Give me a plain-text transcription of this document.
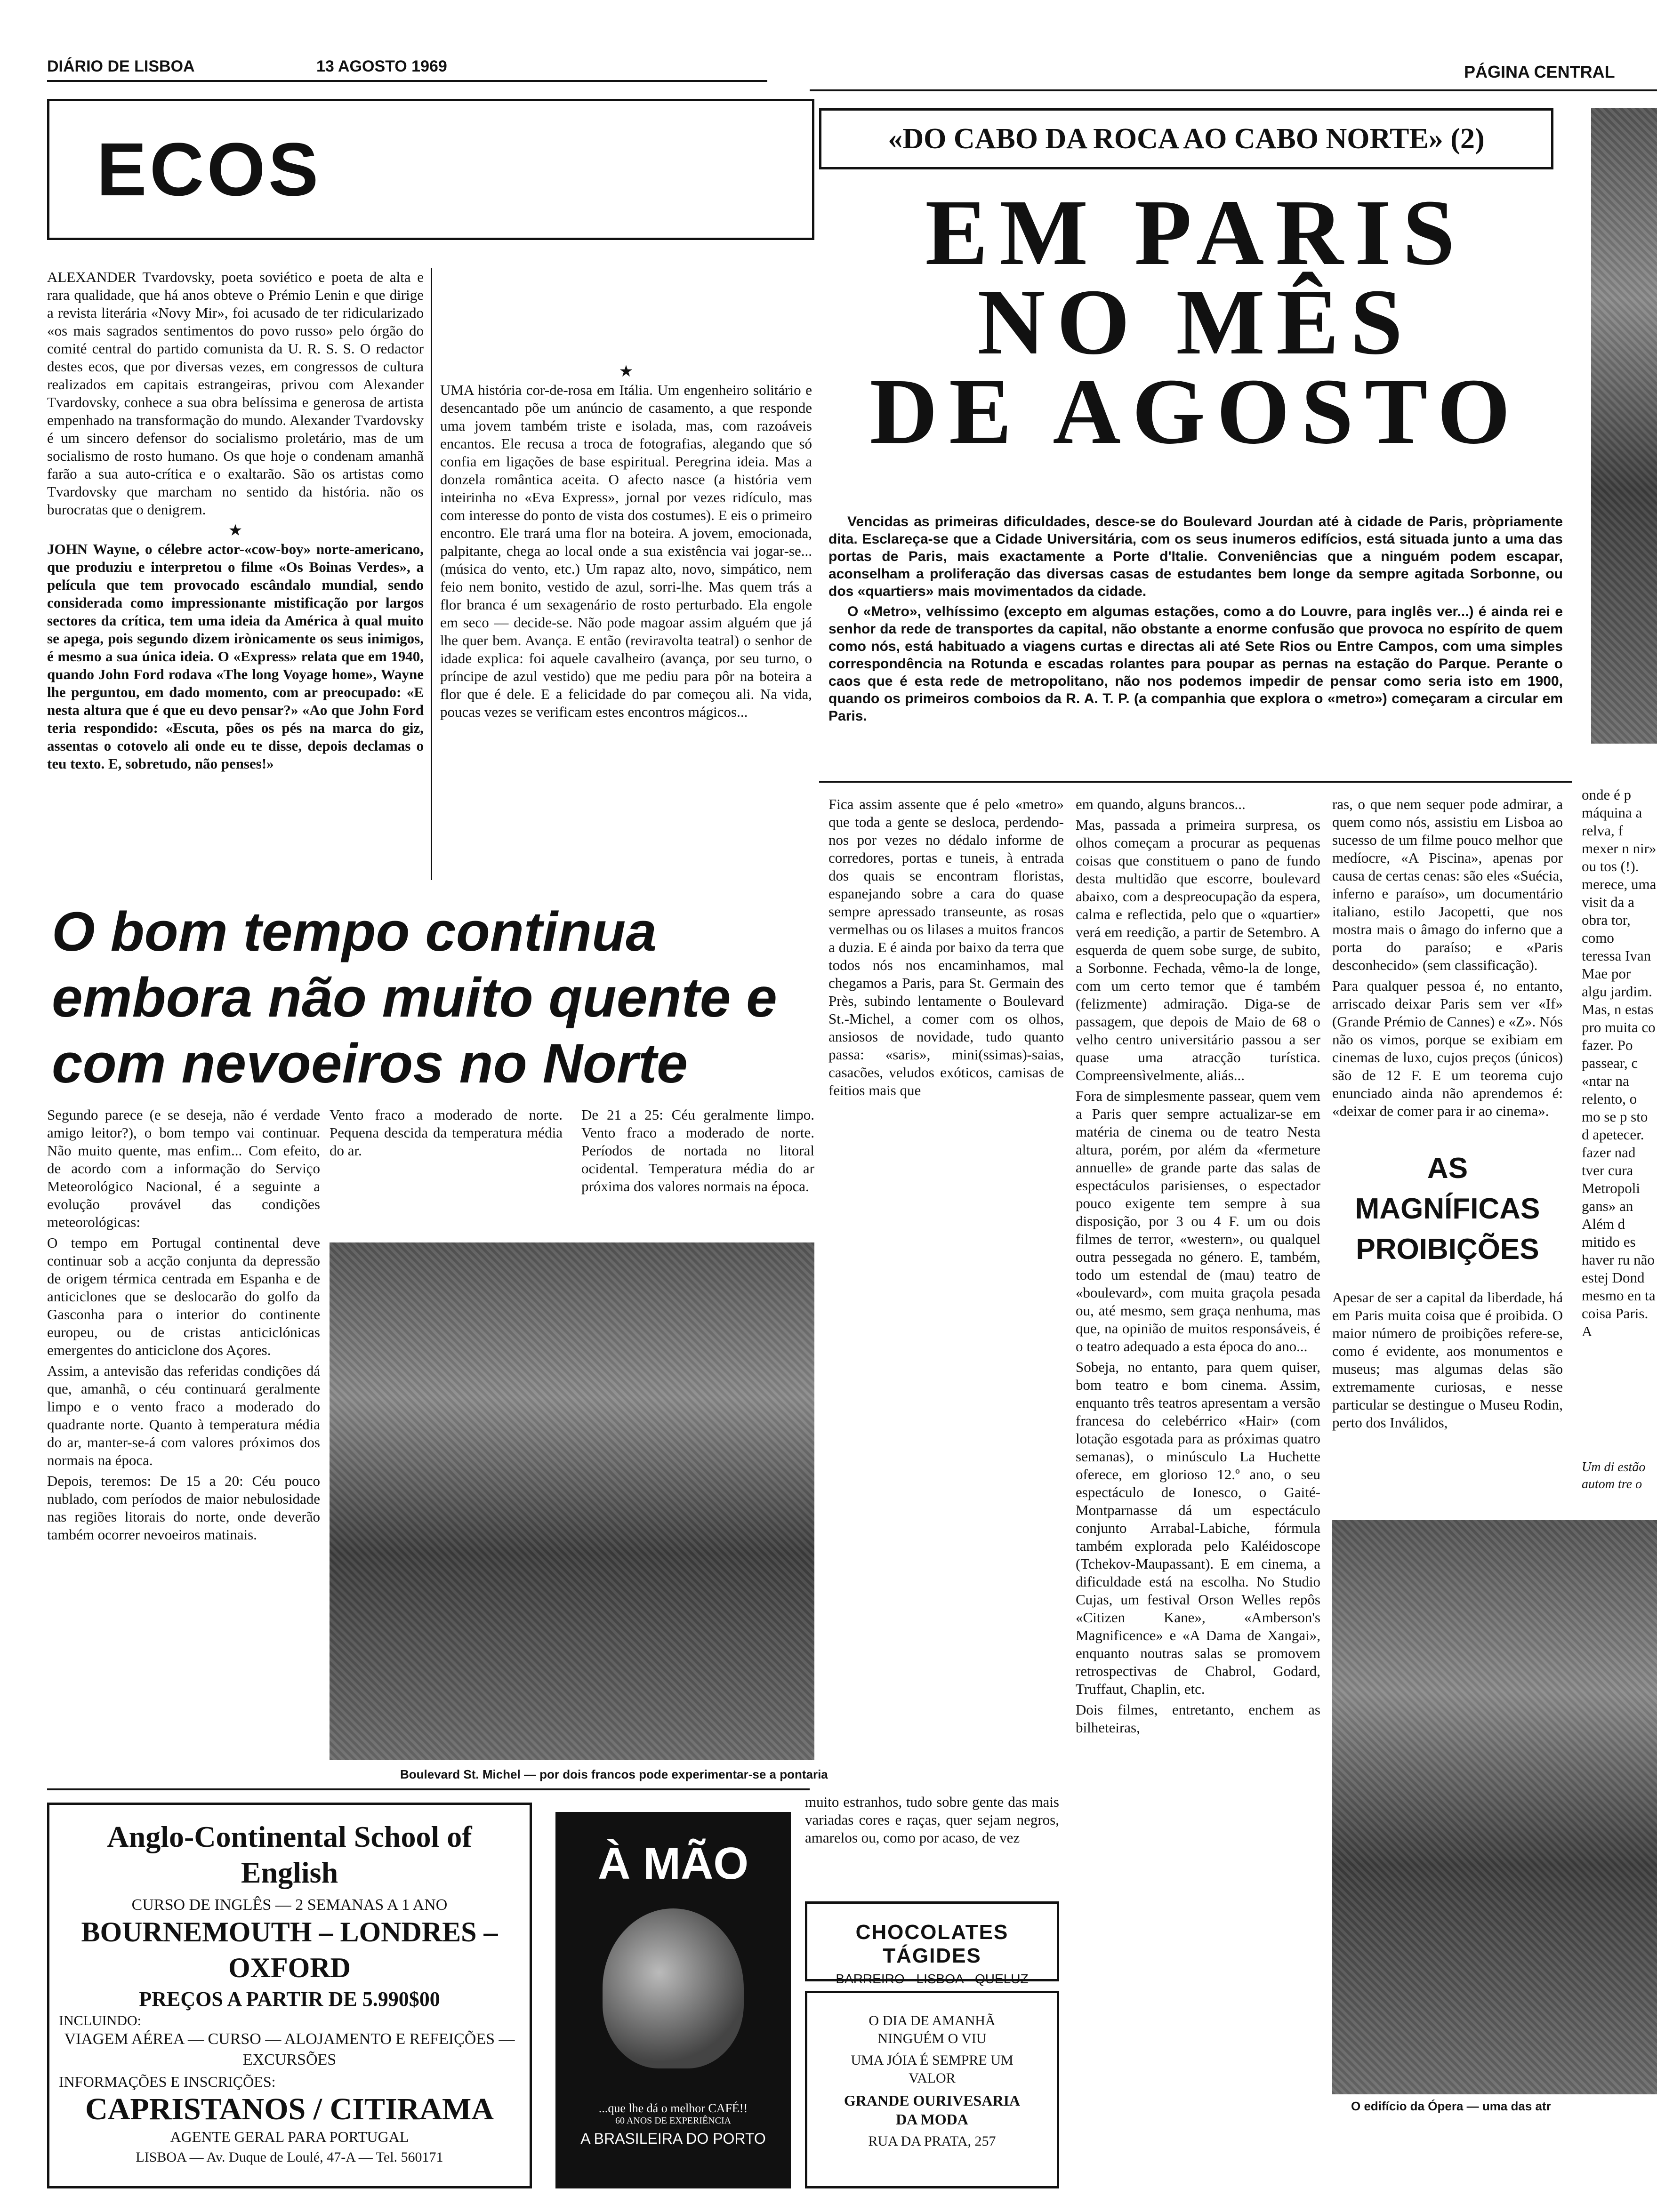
DIÁRIO DE LISBOA	13 AGOSTO 1969	PÁGINA CENTRAL
ECOS

ALEXANDER Tvardovsky, poeta soviético e poeta de alta e rara qualidade, que há anos obteve o Prémio Lenin e que dirige a revista literária «Novy Mir», foi acusado de ter ridicularizado «os mais sagrados sentimentos do povo russo» pelo órgão do comité central do partido comunista da U. R. S. S. O redactor destes ecos, que por diversas vezes, em congressos de cultura realizados em capitais estrangeiras, privou com Alexander Tvardovsky, conhece a sua obra belíssima e generosa de artista empenhado na transformação do mundo. Alexander Tvardovsky é um sincero defensor do socialismo proletário, mas de um socialismo de rosto humano. Os que hoje o condenam amanhã farão a sua auto-crítica e o exaltarão. São os artistas como Tvardovsky que marcham no sentido da história. não os burocratas que o denigrem.

★

JOHN Wayne, o célebre actor-«cow-boy» norte-americano, que produziu e interpretou o filme «Os Boinas Verdes», a película que tem provocado escândalo mundial, sendo considerada como impressionante mistificação por largos sectores da crítica, tem uma ideia da América à qual muito se apega, pois segundo dizem irònicamente os seus inimigos, é mesmo a sua única ideia. O «Express» relata que em 1940, quando John Ford rodava «The long Voyage home», Wayne lhe perguntou, em dado momento, com ar preocupado: «E nesta altura que é que eu devo pensar?» «Ao que John Ford teria respondido: «Escuta, pões os pés na marca do giz, assentas o cotovelo ali onde eu te disse, depois declamas o teu texto. E, sobretudo, não penses!»

★

UMA história cor-de-rosa em Itália. Um engenheiro solitário e desencantado põe um anúncio de casamento, a que responde uma jovem também triste e isolada, mas, com razoáveis encantos. Ele recusa a troca de fotografias, alegando que só confia em ligações de base espiritual. Peregrina ideia. Mas a donzela romântica aceita. O afecto nasce (a história vem inteirinha no «Eva Express», jornal por vezes ridículo, mas com interesse do ponto de vista dos costumes). E eis o primeiro encontro. Ele trará uma flor na boteira. A jovem, emocionada, palpitante, chega ao local onde a sua existência vai jogar-se... (música do vento, etc.) Um rapaz alto, novo, simpático, nem feio nem bonito, vestido de azul, sorri-lhe. Mas quem trás a flor branca é um sexagenário de rosto perturbado. Ela engole em seco — decide-se. Não pode magoar assim alguém que já lhe quer bem. Avança. E então (reviravolta teatral) o senhor de idade explica: foi aquele cavalheiro (avança, por seu turno, o príncipe de azul vestido) que me pediu para pôr na boteira a flor que é dele. E a felicidade do par começou ali. Na vida, poucas vezes se verificam estes encontros mágicos...

O bom tempo continua embora não muito quente e com nevoeiros no Norte

Segundo parece (e se deseja, não é verdade amigo leitor?), o bom tempo vai continuar. Não muito quente, mas enfim... Com efeito, de acordo com a informação do Serviço Meteorológico Nacional, é a seguinte a evolução provável das condições meteorológicas:

O tempo em Portugal continental deve continuar sob a acção conjunta da depressão de origem térmica centrada em Espanha e de anticiclones que se deslocarão do golfo da Gasconha para o interior do continente europeu, ou de cristas anticiclónicas emergentes do anticiclone dos Açores.

Assim, a antevisão das referidas condições dá que, amanhã, o céu continuará geralmente limpo e o vento fraco a moderado do quadrante norte. Quanto à temperatura média do ar, manter-se-á com valores próximos dos normais na época.

Depois, teremos: De 15 a 20: Céu pouco nublado, com períodos de maior nebulosidade nas regiões litorais do norte, onde deverão também ocorrer nevoeiros matinais.

Vento fraco a moderado de norte. Pequena descida da temperatura média do ar.

De 21 a 25: Céu geralmente limpo. Vento fraco a moderado de norte. Períodos de nortada no litoral ocidental. Temperatura média do ar próxima dos valores normais na época.

Boulevard St. Michel — por dois francos pode experimentar-se a pontaria
Anglo-Continental School of English
CURSO DE INGLÊS — 2 SEMANAS A 1 ANO
BOURNEMOUTH – LONDRES – OXFORD
PREÇOS A PARTIR DE 5.990$00
INCLUINDO:
VIAGEM AÉREA — CURSO — ALOJAMENTO E REFEIÇÕES — EXCURSÕES
INFORMAÇÕES E INSCRIÇÕES:
CAPRISTANOS / CITIRAMA
AGENTE GERAL PARA PORTUGAL
LISBOA — Av. Duque de Loulé, 47-A — Tel. 560171
À MÃO
...que lhe dá o melhor CAFÉ!!
60 ANOS DE EXPERIÊNCIA
A BRASILEIRA DO PORTO
muito estranhos, tudo sobre gente das mais variadas cores e raças, quer sejam negros, amarelos ou, como por acaso, de vez
CHOCOLATES TÁGIDES
BARREIRO · LISBOA · QUELUZ
O DIA DE AMANHÃ NINGUÉM O VIU
UMA JÓIA É SEMPRE UM VALOR
GRANDE OURIVESARIA DA MODA
RUA DA PRATA, 257
«DO CABO DA ROCA AO CABO NORTE» (2)
EM PARIS
NO MÊS
DE AGOSTO

Vencidas as primeiras dificuldades, desce-se do Boulevard Jourdan até à cidade de Paris, pròpriamente dita. Esclareça-se que a Cidade Universitária, com os seus inumeros edifícios, está situada junto a uma das portas de Paris, mais exactamente a Porte d'Italie. Conveniências que a ninguém podem escapar, aconselham a proliferação das diversas casas de estudantes bem longe da sempre agitada Sorbonne, ou dos «quartiers» mais movimentados da cidade.

O «Metro», velhíssimo (excepto em algumas estações, como a do Louvre, para inglês ver...) é ainda rei e senhor da rede de transportes da capital, não obstante a enorme confusão que provoca no espírito de quem como nós, está habituado a viagens curtas e directas ali até Sete Rios ou Entre Campos, com uma simples correspondência na Rotunda e escadas rolantes para poupar as pernas na estação do Parque. Perante o caos que é esta rede de metropolitano, não nos podemos impedir de pensar como seria isto em 1900, quando os primeiros comboios da R. A. T. P. (a companhia que explora o «metro») começaram a circular em Paris.

Fica assim assente que é pelo «metro» que toda a gente se desloca, perdendo-nos por vezes no dédalo informe de corredores, portas e tuneis, à entrada dos quais se encontram floristas, espanejando sobre a cara do quase sempre apressado transeunte, as rosas vermelhas ou os lilases a muitos francos a duzia. E é ainda por baixo da terra que todos nós nos encaminhamos, mal chegamos a Paris, para St. Germain des Près, subindo lentamente o Boulevard St.-Michel, a comer com os olhos, ansiosos de novidade, tudo quanto passa: «saris», mini(ssimas)-saias, casacões, veludos exóticos, camisas de feitios mais que

em quando, alguns brancos...

Mas, passada a primeira surpresa, os olhos começam a procurar as pequenas coisas que constituem o pano de fundo desta multidão que escorre, boulevard abaixo, com a despreocupação da espera, calma e reflectida, pelo que o «quartier» verá em reedição, a partir de Setembro. A esquerda de quem sobe surge, de subito, a Sorbonne. Fechada, vêmo-la de longe, com um certo temor que é também (felizmente) admiração. Diga-se de passagem, que depois de Maio de 68 o velho centro universitário passou a ser quase uma atracção turística. Compreensìvelmente, aliás...

Fora de simplesmente passear, quem vem a Paris quer sempre actualizar-se em matéria de cinema ou de teatro Nesta altura, porém, por além da «fermeture annuelle» de grande parte das salas de espectáculos parisienses, o espectador pouco exigente tem sempre à sua disposição, por 3 ou 4 F. um ou dois filmes de terror, «western», ou qualquel outra pessegada no género. E, também, todo um estendal de (mau) teatro de «boulevard», com muita graçola pesada ou, até mesmo, sem graça nenhuma, mas que, na opinião de muitos responsáveis, é o teatro adequado a esta época do ano...

Sobeja, no entanto, para quem quiser, bom teatro e bom cinema. Assim, enquanto três teatros apresentam a versão francesa do celebérrico «Hair» (com lotação esgotada para as próximas quatro semanas), o minúsculo La Huchette oferece, em glorioso 12.º ano, o seu espectáculo de Ionesco, o Gaité-Montparnasse dá um espectáculo conjunto Arrabal-Labiche, fórmula também explorada pelo Kaléidoscope (Tchekov-Maupassant). E em cinema, a dificuldade está na escolha. No Studio Cujas, um festival Orson Welles repôs «Citizen Kane», «Amberson's Magnificence» e «A Dama de Xangai», enquanto noutras salas se promovem retrospectivas de Chabrol, Godard, Truffaut, Chaplin, etc.

Dois filmes, entretanto, enchem as bilheteiras,

ras, o que nem sequer pode admirar, a quem como nós, assistiu em Lisboa ao sucesso de um filme pouco melhor que medíocre, «A Piscina», apenas por causa de certas cenas: são eles «Suécia, inferno e paraíso», um documentário italiano, estilo Jacopetti, que nos mostra mais o âmago do inferno que a porta do paraíso; e «Paris desconhecido» (sem classificação).

Para qualquer pessoa é, no entanto, arriscado deixar Paris sem ver «If» (Grande Prémio de Cannes) e «Z». Nós não os vimos, porque se exibiam em cinemas de luxo, cujos preços (únicos) são de 12 F. E um teorema cujo enunciado ainda não aprendemos é: «deixar de comer para ir ao cinema».

AS MAGNÍFICAS PROIBIÇÕES

Apesar de ser a capital da liberdade, há em Paris muita coisa que é proibida. O maior número de proibições refere-se, como é evidente, aos monumentos e museus; mas algumas delas são extremamente curiosas, e nesse particular se destingue o Museu Rodin, perto dos Inválidos,

O edifício da Ópera — uma das atr
onde é p máquina a relva, f mexer n nir» ou tos (!). merece, uma visit da a obra tor, como teressa Ivan Mae por algu jardim. Mas, n estas pro muita co fazer. Po passear, c «ntar na relento, o mo se p sto d apetecer. fazer nad tver cura Metropoli gans» an Além d mitido es haver ru não estej Dond mesmo en ta coisa Paris. A
Um di estão autom tre o
